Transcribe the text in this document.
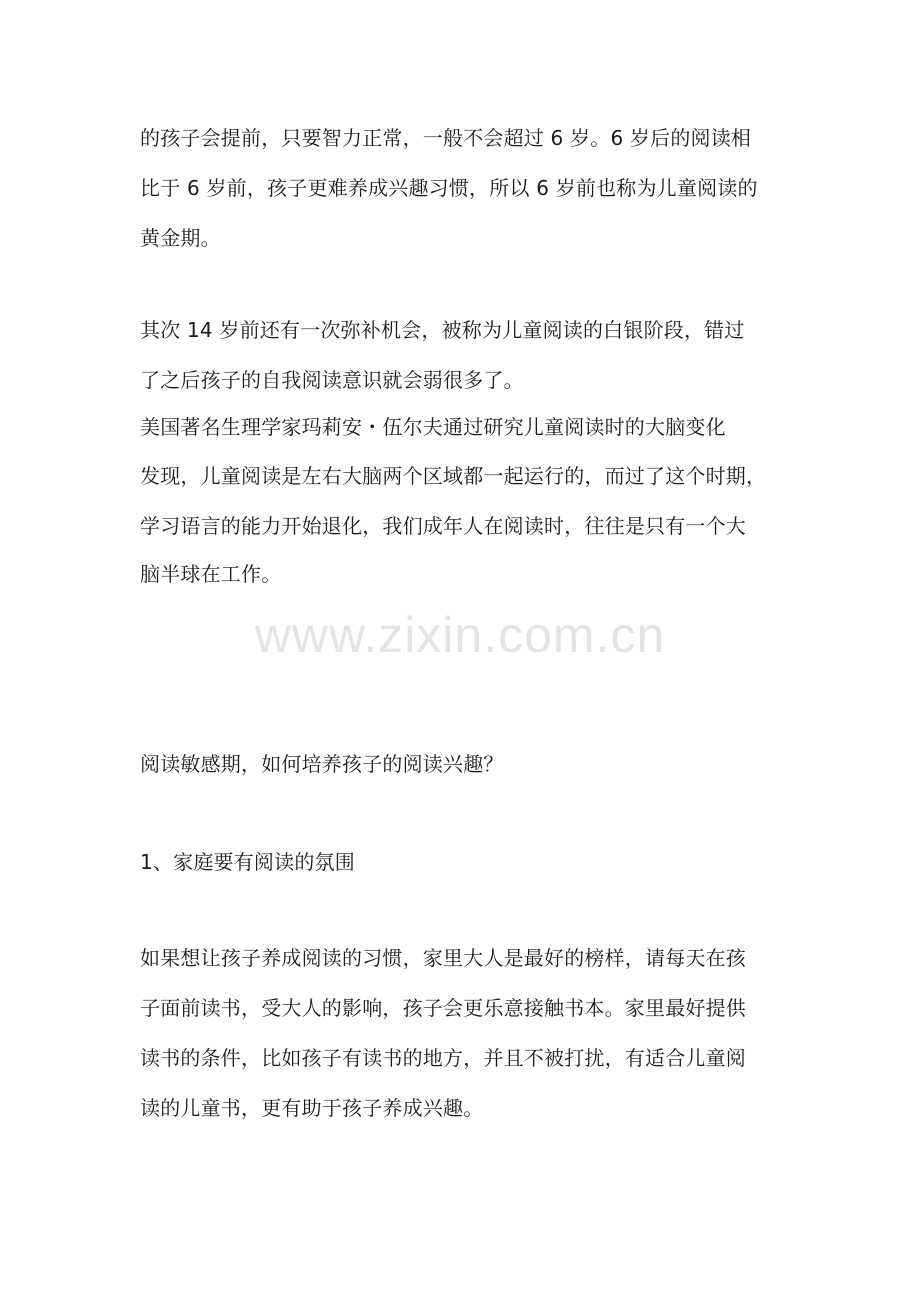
的孩子会提前，只要智力正常，一般不会超过 6 岁。6 岁后的阅读相
比于 6 岁前，孩子更难养成兴趣习惯，所以 6 岁前也称为儿童阅读的
黄金期。
其次 14 岁前还有一次弥补机会，被称为儿童阅读的白银阶段，错过
了之后孩子的自我阅读意识就会弱很多了。
美国著名生理学家玛莉安・伍尔夫通过研究儿童阅读时的大脑变化
发现，儿童阅读是左右大脑两个区域都一起运行的，而过了这个时期，
学习语言的能力开始退化，我们成年人在阅读时，往往是只有一个大
脑半球在工作。
www.zixin.com.cn
阅读敏感期，如何培养孩子的阅读兴趣？
1、家庭要有阅读的氛围
如果想让孩子养成阅读的习惯，家里大人是最好的榜样，请每天在孩
子面前读书，受大人的影响，孩子会更乐意接触书本。家里最好提供
读书的条件，比如孩子有读书的地方，并且不被打扰，有适合儿童阅
读的儿童书，更有助于孩子养成兴趣。
